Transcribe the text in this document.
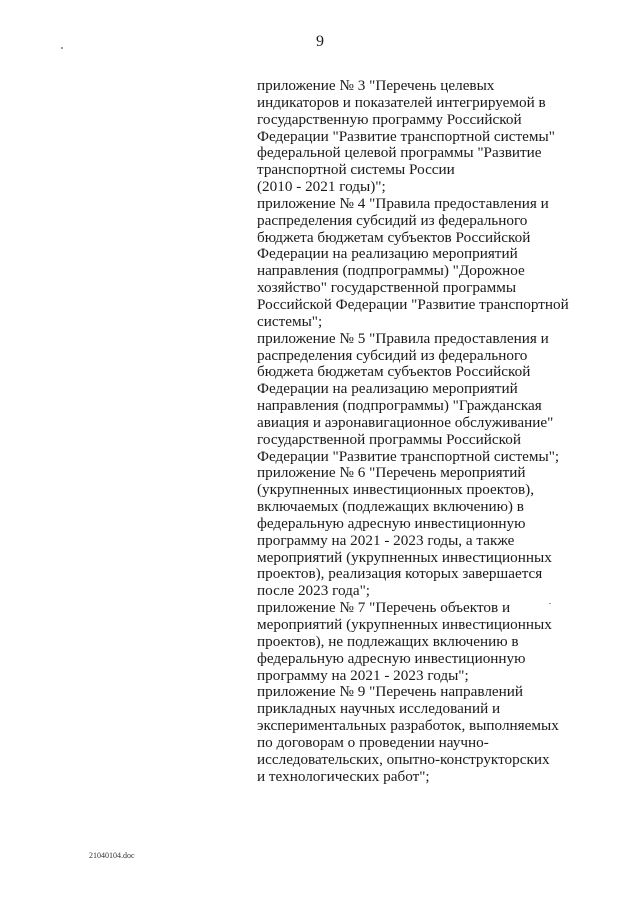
9
приложение № 3 "Перечень целевых
индикаторов и показателей интегрируемой в
государственную программу Российской
Федерации "Развитие транспортной системы"
федеральной целевой программы "Развитие
транспортной системы России
(2010 - 2021 годы)";
приложение № 4 "Правила предоставления и
распределения субсидий из федерального
бюджета бюджетам субъектов Российской
Федерации на реализацию мероприятий
направления (подпрограммы) "Дорожное
хозяйство" государственной программы
Российской Федерации "Развитие транспортной
системы";
приложение № 5 "Правила предоставления и
распределения субсидий из федерального
бюджета бюджетам субъектов Российской
Федерации на реализацию мероприятий
направления (подпрограммы) "Гражданская
авиация и аэронавигационное обслуживание"
государственной программы Российской
Федерации "Развитие транспортной системы";
приложение № 6 "Перечень мероприятий
(укрупненных инвестиционных проектов),
включаемых (подлежащих включению) в
федеральную адресную инвестиционную
программу на 2021 - 2023 годы, а также
мероприятий (укрупненных инвестиционных
проектов), реализация которых завершается
после 2023 года";
приложение № 7 "Перечень объектов и
мероприятий (укрупненных инвестиционных
проектов), не подлежащих включению в
федеральную адресную инвестиционную
программу на 2021 - 2023 годы";
приложение № 9 "Перечень направлений
прикладных научных исследований и
экспериментальных разработок, выполняемых
по договорам о проведении научно-
исследовательских, опытно-конструкторских
и технологических работ";
21040104.doc
